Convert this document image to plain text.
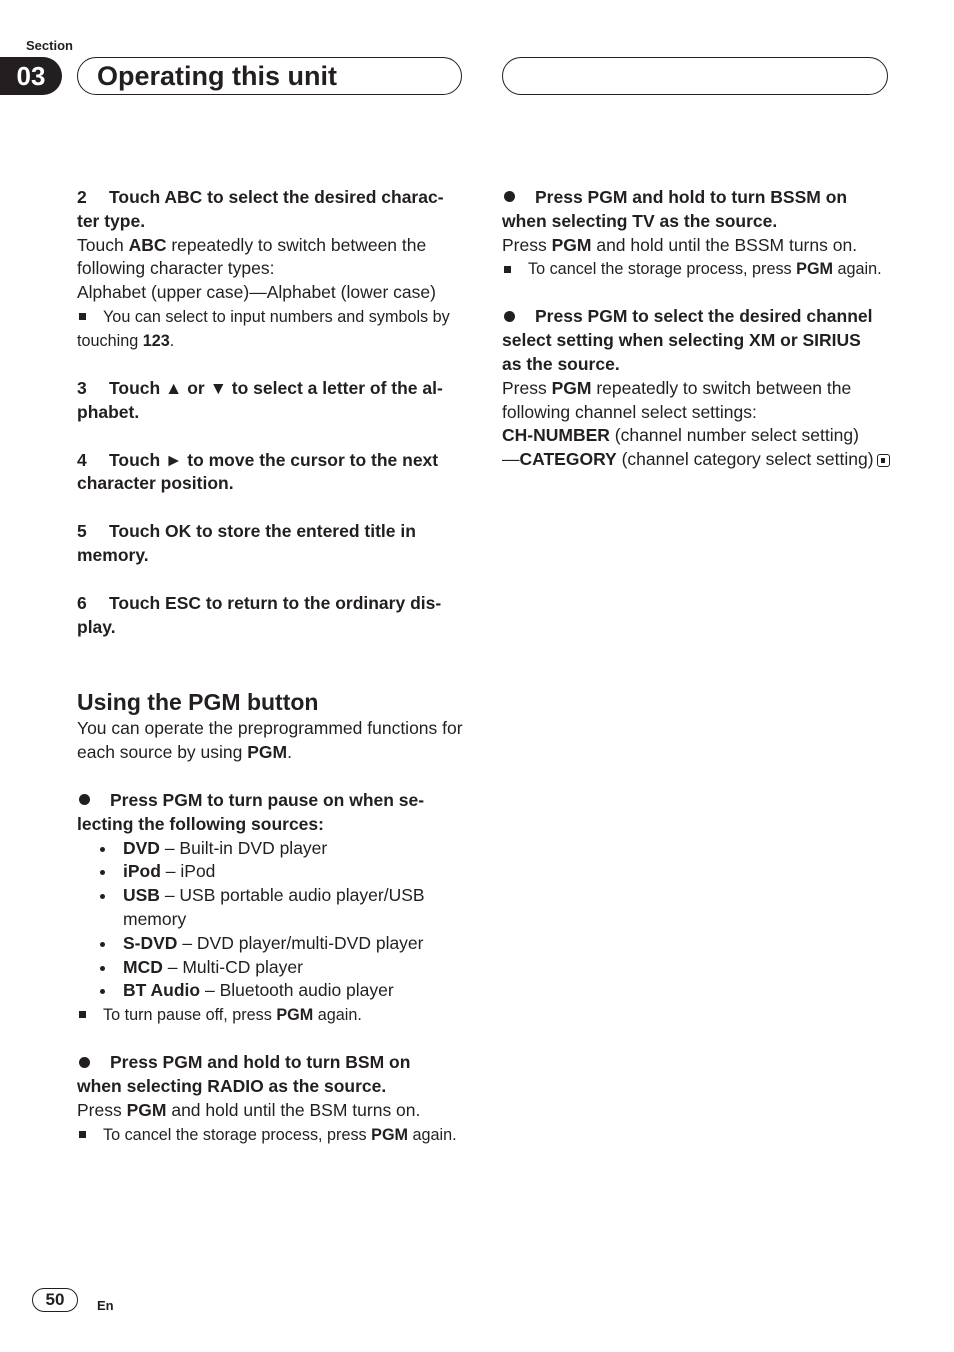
Section
03	Operating this unit

2 Touch ABC to select the desired charac-
ter type.

Touch ABC repeatedly to switch between the following character types:

Alphabet (upper case)—Alphabet (lower case)

You can select to input numbers and symbols by touching 123.

3 Touch ▲ or ▼ to select a letter of the al-
phabet.

4 Touch ► to move the cursor to the next
character position.

5 Touch OK to store the entered title in
memory.

6 Touch ESC to return to the ordinary dis-
play.

Using the PGM button

You can operate the preprogrammed functions for each source by using PGM.

Press PGM to turn pause on when se-
lecting the following sources:

DVD – Built-in DVD player
iPod – iPod
USB – USB portable audio player/USB memory
S-DVD – DVD player/multi-DVD player
MCD – Multi-CD player
BT Audio – Bluetooth audio player

To turn pause off, press PGM again.

Press PGM and hold to turn BSM on
when selecting RADIO as the source.

Press PGM and hold until the BSM turns on.

To cancel the storage process, press PGM again.

Press PGM and hold to turn BSSM on
when selecting TV as the source.

Press PGM and hold until the BSSM turns on.

To cancel the storage process, press PGM again.

Press PGM to select the desired channel
select setting when selecting XM or SIRIUS
as the source.

Press PGM repeatedly to switch between the following channel select settings:

CH-NUMBER (channel number select setting)
—CATEGORY (channel category select setting)

50	En
